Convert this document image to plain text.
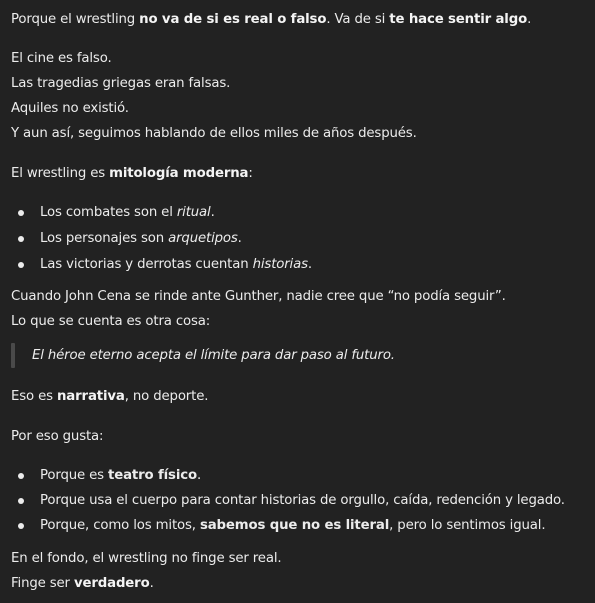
Porque el wrestling no va de si es real o falso. Va de si te hace sentir algo.
El cine es falso.
Las tragedias griegas eran falsas.
Aquiles no existió.
Y aun así, seguimos hablando de ellos miles de años después.
El wrestling es mitología moderna:
Los combates son el ritual.
Los personajes son arquetipos.
Las victorias y derrotas cuentan historias.
Cuando John Cena se rinde ante Gunther, nadie cree que “no podía seguir”.
Lo que se cuenta es otra cosa:
El héroe eterno acepta el límite para dar paso al futuro.
Eso es narrativa, no deporte.
Por eso gusta:
Porque es teatro físico.
Porque usa el cuerpo para contar historias de orgullo, caída, redención y legado.
Porque, como los mitos, sabemos que no es literal, pero lo sentimos igual.
En el fondo, el wrestling no finge ser real.
Finge ser verdadero.
